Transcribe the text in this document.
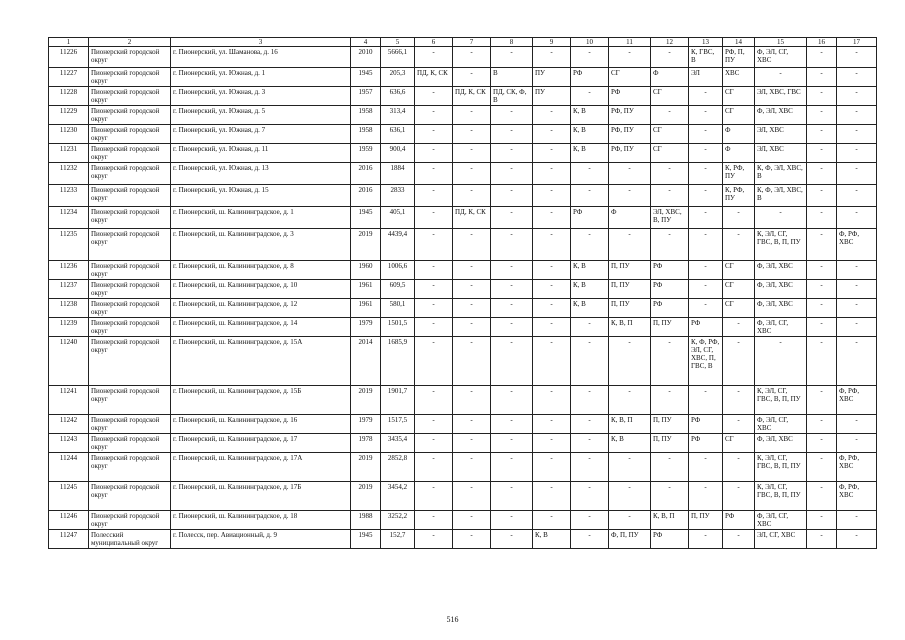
1	2	3	4	5	6	7	8	9	10	11	12	13	14	15	16	17
11226	Пионерский городской округ	г. Пионерский, ул. Шаманова, д. 16	2010	5666,1	-	-	-	-	-	-	-	К, ГВС, В	РФ, П, ПУ	Ф, ЭЛ, СГ, ХВС	-	-
11227	Пионерский городской округ	г. Пионерский, ул. Южная, д. 1	1945	205,3	ПД, К, СК	-	В	ПУ	РФ	СГ	Ф	ЭЛ	ХВС	-	-	-
11228	Пионерский городской округ	г. Пионерский, ул. Южная, д. 3	1957	636,6	-	ПД, К, СК	ПД, СК, Ф, В	ПУ	-	РФ	СГ	-	СГ	ЭЛ, ХВС, ГВС	-	-
11229	Пионерский городской округ	г. Пионерский, ул. Южная, д. 5	1958	313,4	-	-	-	-	К, В	РФ, ПУ	-	-	СГ	Ф, ЭЛ, ХВС	-	-
11230	Пионерский городской округ	г. Пионерский, ул. Южная, д. 7	1958	636,1	-	-	-	-	К, В	РФ, ПУ	СГ	-	Ф	ЭЛ, ХВС	-	-
11231	Пионерский городской округ	г. Пионерский, ул. Южная, д. 11	1959	900,4	-	-	-	-	К, В	РФ, ПУ	СГ	-	Ф	ЭЛ, ХВС	-	-
11232	Пионерский городской округ	г. Пионерский, ул. Южная, д. 13	2016	1884	-	-	-	-	-	-	-	-	К, РФ, ПУ	К, Ф, ЭЛ, ХВС, В	-	-
11233	Пионерский городской округ	г. Пионерский, ул. Южная, д. 15	2016	2833	-	-	-	-	-	-	-	-	К, РФ, ПУ	К, Ф, ЭЛ, ХВС, В	-	-
11234	Пионерский городской округ	г. Пионерский, ш. Калининградское, д. 1	1945	405,1	-	ПД, К, СК	-	-	РФ	Ф	ЭЛ, ХВС, В, ПУ	-	-	-	-	-
11235	Пионерский городской округ	г. Пионерский, ш. Калининградское, д. 3	2019	4439,4	-	-	-	-	-	-	-	-	-	К, ЭЛ, СГ, ГВС, В, П, ПУ	-	Ф, РФ, ХВС
11236	Пионерский городской округ	г. Пионерский, ш. Калининградское, д. 8	1960	1006,6	-	-	-	-	К, В	П, ПУ	РФ	-	СГ	Ф, ЭЛ, ХВС	-	-
11237	Пионерский городской округ	г. Пионерский, ш. Калининградское, д. 10	1961	609,5	-	-	-	-	К, В	П, ПУ	РФ	-	СГ	Ф, ЭЛ, ХВС	-	-
11238	Пионерский городской округ	г. Пионерский, ш. Калининградское, д. 12	1961	580,1	-	-	-	-	К, В	П, ПУ	РФ	-	СГ	Ф, ЭЛ, ХВС	-	-
11239	Пионерский городской округ	г. Пионерский, ш. Калининградское, д. 14	1979	1501,5	-	-	-	-	-	К, В, П	П, ПУ	РФ	-	Ф, ЭЛ, СГ, ХВС	-	-
11240	Пионерский городской округ	г. Пионерский, ш. Калининградское, д. 15А	2014	1685,9	-	-	-	-	-	-	-	К, Ф, РФ, ЭЛ, СГ, ХВС, П, ГВС, В	-	-	-	-
11241	Пионерский городской округ	г. Пионерский, ш. Калининградское, д. 15Б	2019	1901,7	-	-	-	-	-	-	-	-	-	К, ЭЛ, СГ, ГВС, В, П, ПУ	-	Ф, РФ, ХВС
11242	Пионерский городской округ	г. Пионерский, ш. Калининградское, д. 16	1979	1517,5	-	-	-	-	-	К, В, П	П, ПУ	РФ	-	Ф, ЭЛ, СГ, ХВС	-	-
11243	Пионерский городской округ	г. Пионерский, ш. Калининградское, д. 17	1978	3435,4	-	-	-	-	-	К, В	П, ПУ	РФ	СГ	Ф, ЭЛ, ХВС	-	-
11244	Пионерский городской округ	г. Пионерский, ш. Калининградское, д. 17А	2019	2852,8	-	-	-	-	-	-	-	-	-	К, ЭЛ, СГ, ГВС, В, П, ПУ	-	Ф, РФ, ХВС
11245	Пионерский городской округ	г. Пионерский, ш. Калининградское, д. 17Б	2019	3454,2	-	-	-	-	-	-	-	-	-	К, ЭЛ, СГ, ГВС, В, П, ПУ	-	Ф, РФ, ХВС
11246	Пионерский городской округ	г. Пионерский, ш. Калининградское, д. 18	1988	3252,2	-	-	-	-	-	-	К, В, П	П, ПУ	РФ	Ф, ЭЛ, СГ, ХВС	-	-
11247	Полесский муниципальный округ	г. Полесск, пер. Авиационный, д. 9	1945	152,7	-	-	-	К, В	-	Ф, П, ПУ	РФ	-	-	ЭЛ, СГ, ХВС	-	-
516
